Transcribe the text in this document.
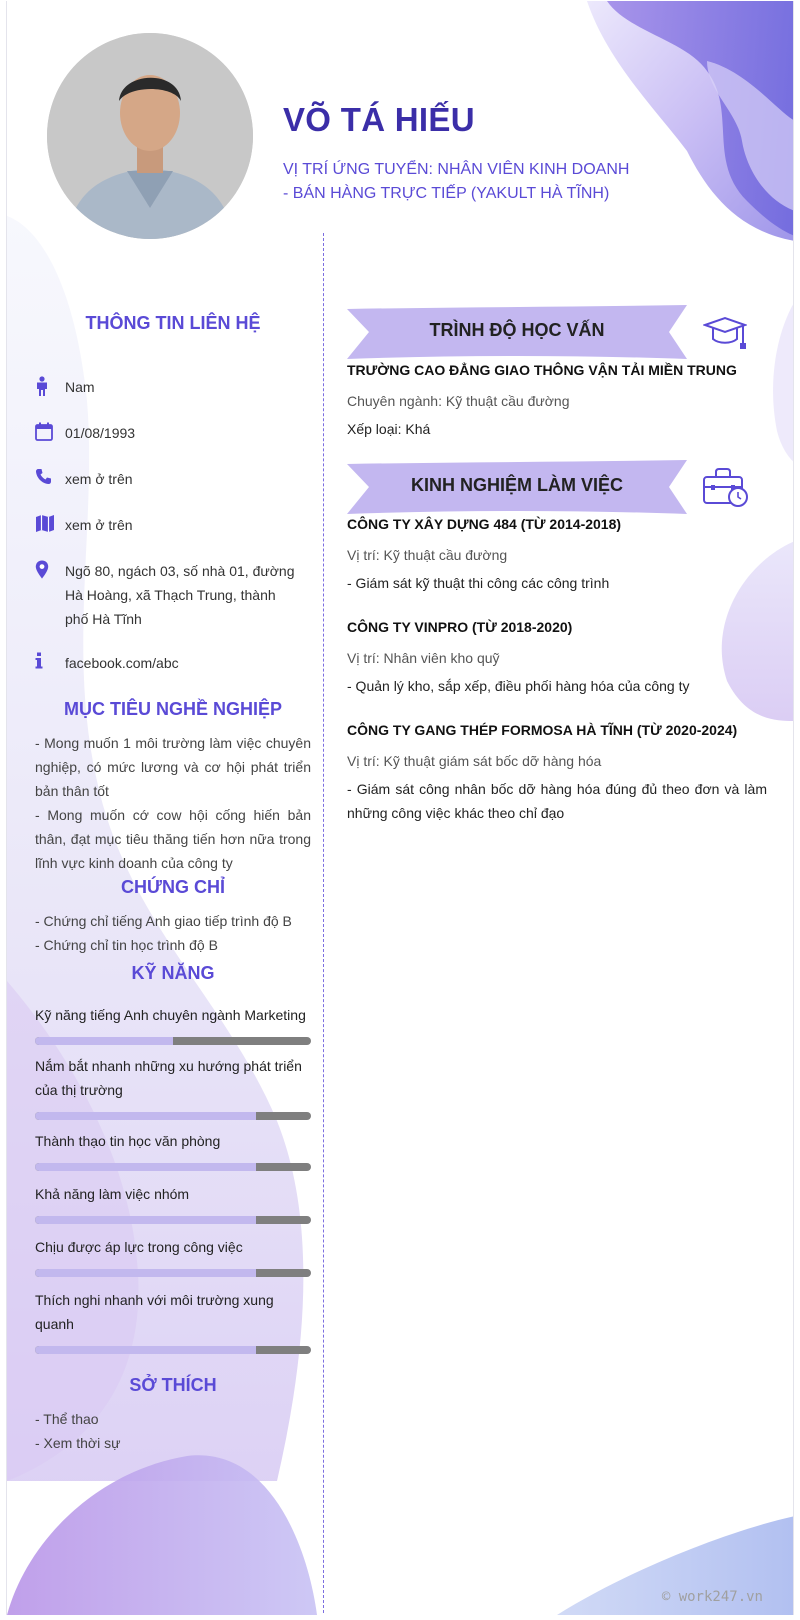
VÕ TÁ HIẾU
VỊ TRÍ ỨNG TUYỂN: NHÂN VIÊN KINH DOANH
- BÁN HÀNG TRỰC TIẾP (YAKULT HÀ TĨNH)
THÔNG TIN LIÊN HỆ
Nam
01/08/1993
xem ở trên
xem ở trên
Ngõ 80, ngách 03, số nhà 01, đường
Hà Hoàng, xã Thạch Trung, thành
phố Hà Tĩnh
facebook.com/abc
MỤC TIÊU NGHỀ NGHIỆP
- Mong muốn 1 môi trường làm việc chuyên nghiệp, có mức lương và cơ hội phát triển bản thân tốt
- Mong muốn cớ cow hội cống hiến bản thân, đạt mục tiêu thăng tiến hơn nữa trong lĩnh vực kinh doanh của công ty
CHỨNG CHỈ
- Chứng chỉ tiếng Anh giao tiếp trình độ B
- Chứng chỉ tin học trình độ B
KỸ NĂNG
Kỹ năng tiếng Anh chuyên ngành Marketing
Nắm bắt nhanh những xu hướng phát triển của thị trường
Thành thạo tin học văn phòng
Khả năng làm việc nhóm
Chịu được áp lực trong công việc
Thích nghi nhanh với môi trường xung quanh
SỞ THÍCH
- Thể thao
- Xem thời sự
TRÌNH ĐỘ HỌC VẤN
TRƯỜNG CAO ĐẲNG GIAO THÔNG VẬN TẢI MIỀN TRUNG
Chuyên ngành: Kỹ thuật cầu đường
Xếp loại: Khá
KINH NGHIỆM LÀM VIỆC
CÔNG TY XÂY DỰNG 484 (TỪ 2014-2018)
Vị trí: Kỹ thuật cầu đường
- Giám sát kỹ thuật thi công các công trình
CÔNG TY VINPRO (TỪ 2018-2020)
Vị trí: Nhân viên kho quỹ
- Quản lý kho, sắp xếp, điều phối hàng hóa của công ty
CÔNG TY GANG THÉP FORMOSA HÀ TĨNH (TỪ 2020-2024)
Vị trí: Kỹ thuật giám sát bốc dỡ hàng hóa
- Giám sát công nhân bốc dỡ hàng hóa đúng đủ theo đơn và làm những công việc khác theo chỉ đạo
© work247.vn
